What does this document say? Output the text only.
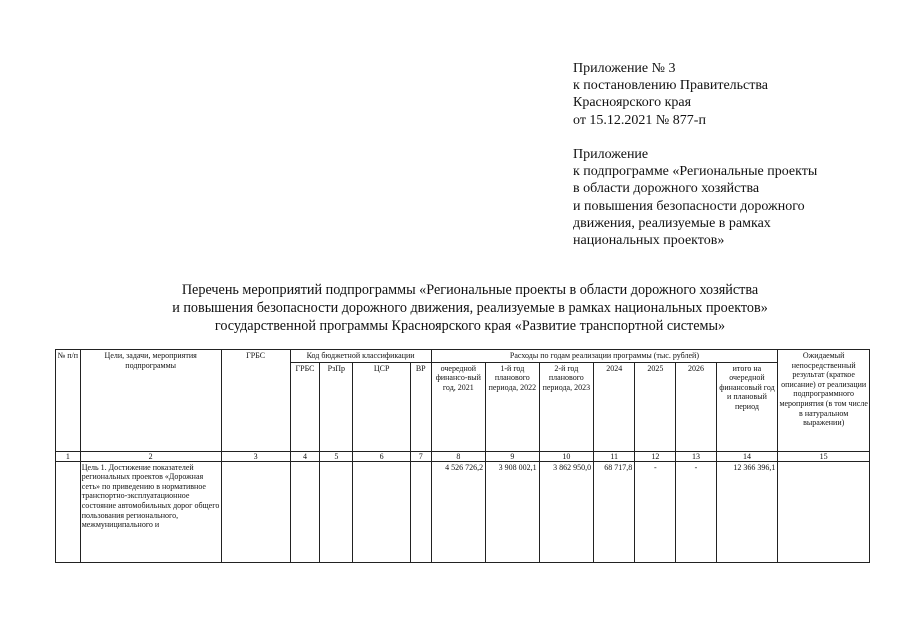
Приложение № 3
к постановлению Правительства
Красноярского края
от 15.12.2021 № 877-п
Приложение
к подпрограмме «Региональные проекты
в области дорожного хозяйства
и повышения безопасности дорожного
движения, реализуемые в рамках
национальных проектов»
Перечень мероприятий подпрограммы «Региональные проекты в области дорожного хозяйства
и повышения безопасности дорожного движения, реализуемые в рамках национальных проектов»
государственной программы Красноярского края «Развитие транспортной системы»
№ п/п	Цели, задачи, мероприятия подпрограммы	ГРБС	Код бюджетной классификации				Расходы по годам реализации программы (тыс. рублей)							Ожидаемый непосредственный результат (краткое описание) от реализации подпрограммного мероприятия (в том числе в натуральном выражении)
			ГРБС	РзПр	ЦСР	ВР	очередной финансо-вый год, 2021	1-й год планового периода, 2022	2-й год планового периода, 2023	2024	2025	2026	итого на очередной финансовый год и плановый период	
1	2	3	4	5	6	7	8	9	10	11	12	13	14	15
	Цель 1. Достижение показателей региональных проектов «Дорожная сеть» по приведению в нормативное транспортно-эксплуатационное состояние автомобильных дорог общего пользования регионального, межмуниципального и						4 526 726,2	3 908 002,1	3 862 950,0	68 717,8	-	-	12 366 396,1	
